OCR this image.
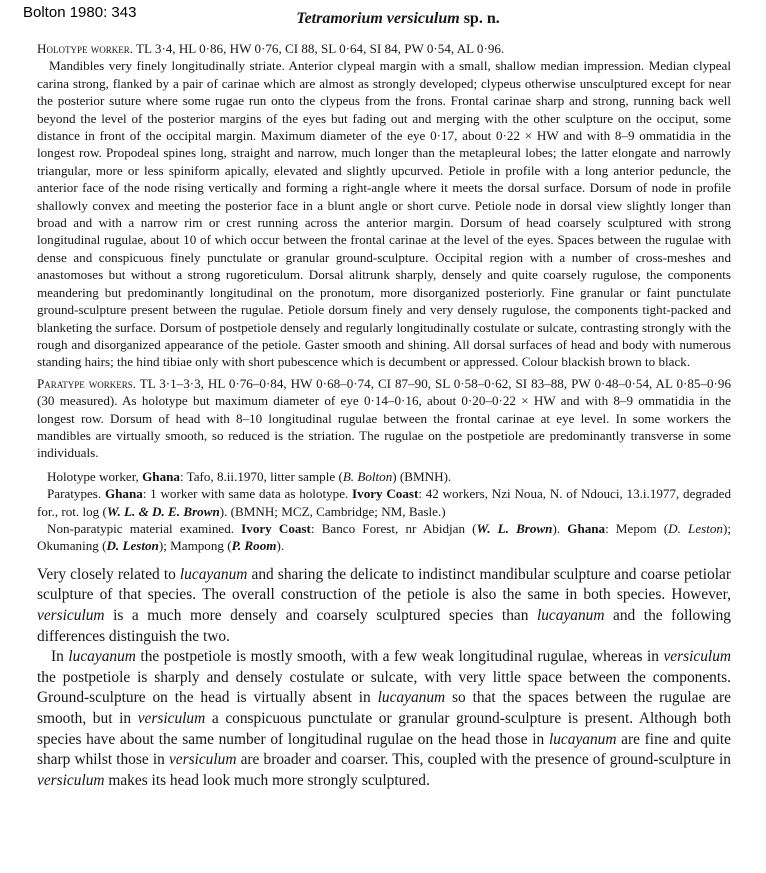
Bolton 1980: 343	Tetramorium versiculum sp. n.

Holotype worker. TL 3·4, HL 0·86, HW 0·76, CI 88, SL 0·64, SI 84, PW 0·54, AL 0·96.
Mandibles very finely longitudinally striate. Anterior clypeal margin with a small, shallow median impression. Median clypeal carina strong, flanked by a pair of carinae which are almost as strongly developed; clypeus otherwise unsculptured except for near the posterior suture where some rugae run onto the clypeus from the frons. Frontal carinae sharp and strong, running back well beyond the level of the posterior margins of the eyes but fading out and merging with the other sculpture on the occiput, some distance in front of the occipital margin. Maximum diameter of the eye 0·17, about 0·22 × HW and with 8–9 ommatidia in the longest row. Propodeal spines long, straight and narrow, much longer than the metapleural lobes; the latter elongate and narrowly triangular, more or less spiniform apically, elevated and slightly upcurved. Petiole in profile with a long anterior peduncle, the anterior face of the node rising vertically and forming a right-angle where it meets the dorsal surface. Dorsum of node in profile shallowly convex and meeting the posterior face in a blunt angle or short curve. Petiole node in dorsal view slightly longer than broad and with a narrow rim or crest running across the anterior margin. Dorsum of head coarsely sculptured with strong longitudinal rugulae, about 10 of which occur between the frontal carinae at the level of the eyes. Spaces between the rugulae with dense and conspicuous finely punctulate or granular ground-sculpture. Occipital region with a number of cross-meshes and anastomoses but without a strong rugoreticulum. Dorsal alitrunk sharply, densely and quite coarsely rugulose, the components meandering but predominantly longitudinal on the pronotum, more disorganized posteriorly. Fine granular or faint punctulate ground-sculpture present between the rugulae. Petiole dorsum finely and very densely rugulose, the components tight-packed and blanketing the surface. Dorsum of postpetiole densely and regularly longitudinally costulate or sulcate, contrasting strongly with the rough and disorganized appearance of the petiole. Gaster smooth and shining. All dorsal surfaces of head and body with numerous standing hairs; the hind tibiae only with short pubescence which is decumbent or appressed. Colour blackish brown to black.

Paratype workers. TL 3·1–3·3, HL 0·76–0·84, HW 0·68–0·74, CI 87–90, SL 0·58–0·62, SI 83–88, PW 0·48–0·54, AL 0·85–0·96 (30 measured). As holotype but maximum diameter of eye 0·14–0·16, about 0·20–0·22 × HW and with 8–9 ommatidia in the longest row. Dorsum of head with 8–10 longitudinal rugulae between the frontal carinae at eye level. In some workers the mandibles are virtually smooth, so reduced is the striation. The rugulae on the postpetiole are predominantly transverse in some individuals.

Holotype worker, Ghana: Tafo, 8.ii.1970, litter sample (B. Bolton) (BMNH).

Paratypes. Ghana: 1 worker with same data as holotype. Ivory Coast: 42 workers, Nzi Noua, N. of Ndouci, 13.i.1977, degraded for., rot. log (W. L. & D. E. Brown). (BMNH; MCZ, Cambridge; NM, Basle.)

Non-paratypic material examined. Ivory Coast: Banco Forest, nr Abidjan (W. L. Brown). Ghana: Mepom (D. Leston); Okumaning (D. Leston); Mampong (P. Room).

Very closely related to lucayanum and sharing the delicate to indistinct mandibular sculpture and coarse petiolar sculpture of that species. The overall construction of the petiole is also the same in both species. However, versiculum is a much more densely and coarsely sculptured species than lucayanum and the following differences distinguish the two.

In lucayanum the postpetiole is mostly smooth, with a few weak longitudinal rugulae, whereas in versiculum the postpetiole is sharply and densely costulate or sulcate, with very little space between the components. Ground-sculpture on the head is virtually absent in lucayanum so that the spaces between the rugulae are smooth, but in versiculum a conspicuous punctulate or granular ground-sculpture is present. Although both species have about the same number of longitudinal rugulae on the head those in lucayanum are fine and quite sharp whilst those in versiculum are broader and coarser. This, coupled with the presence of ground-sculpture in versiculum makes its head look much more strongly sculptured.
